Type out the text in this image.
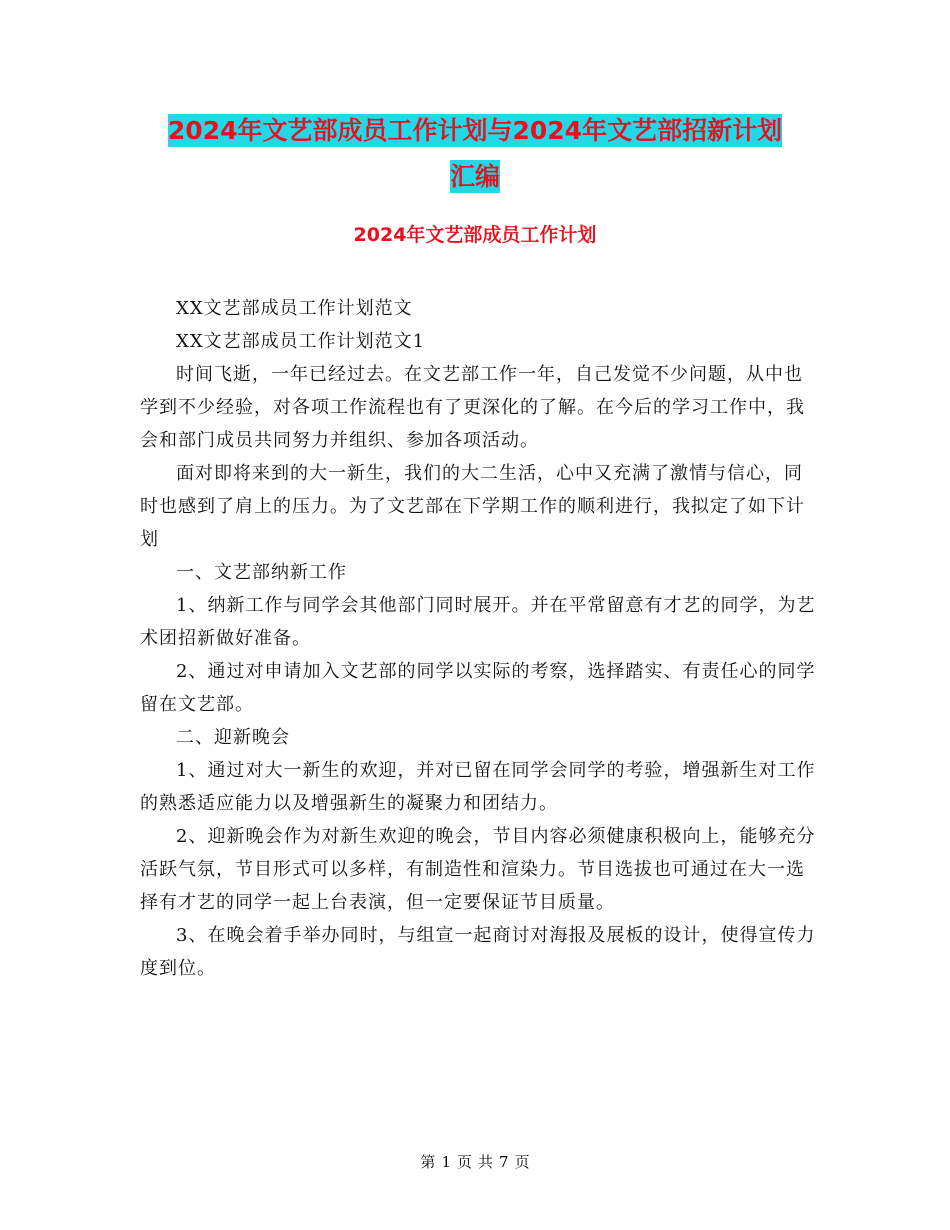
2024年文艺部成员工作计划与2024年文艺部招新计划
汇编
2024年文艺部成员工作计划

XX文艺部成员工作计划范文

XX文艺部成员工作计划范文1

时间飞逝，一年已经过去。在文艺部工作一年，自己发觉不少问题，从中也学到不少经验，对各项工作流程也有了更深化的了解。在今后的学习工作中，我会和部门成员共同努力并组织、参加各项活动。

面对即将来到的大一新生，我们的大二生活，心中又充满了激情与信心，同时也感到了肩上的压力。为了文艺部在下学期工作的顺利进行，我拟定了如下计划

一、文艺部纳新工作

1、纳新工作与同学会其他部门同时展开。并在平常留意有才艺的同学，为艺术团招新做好准备。

2、通过对申请加入文艺部的同学以实际的考察，选择踏实、有责任心的同学留在文艺部。

二、迎新晚会

1、通过对大一新生的欢迎，并对已留在同学会同学的考验，增强新生对工作的熟悉适应能力以及增强新生的凝聚力和团结力。

2、迎新晚会作为对新生欢迎的晚会，节目内容必须健康积极向上，能够充分活跃气氛，节目形式可以多样，有制造性和渲染力。节目选拔也可通过在大一选择有才艺的同学一起上台表演，但一定要保证节目质量。

3、在晚会着手举办同时，与组宣一起商讨对海报及展板的设计，使得宣传力度到位。

第 1 页 共 7 页
